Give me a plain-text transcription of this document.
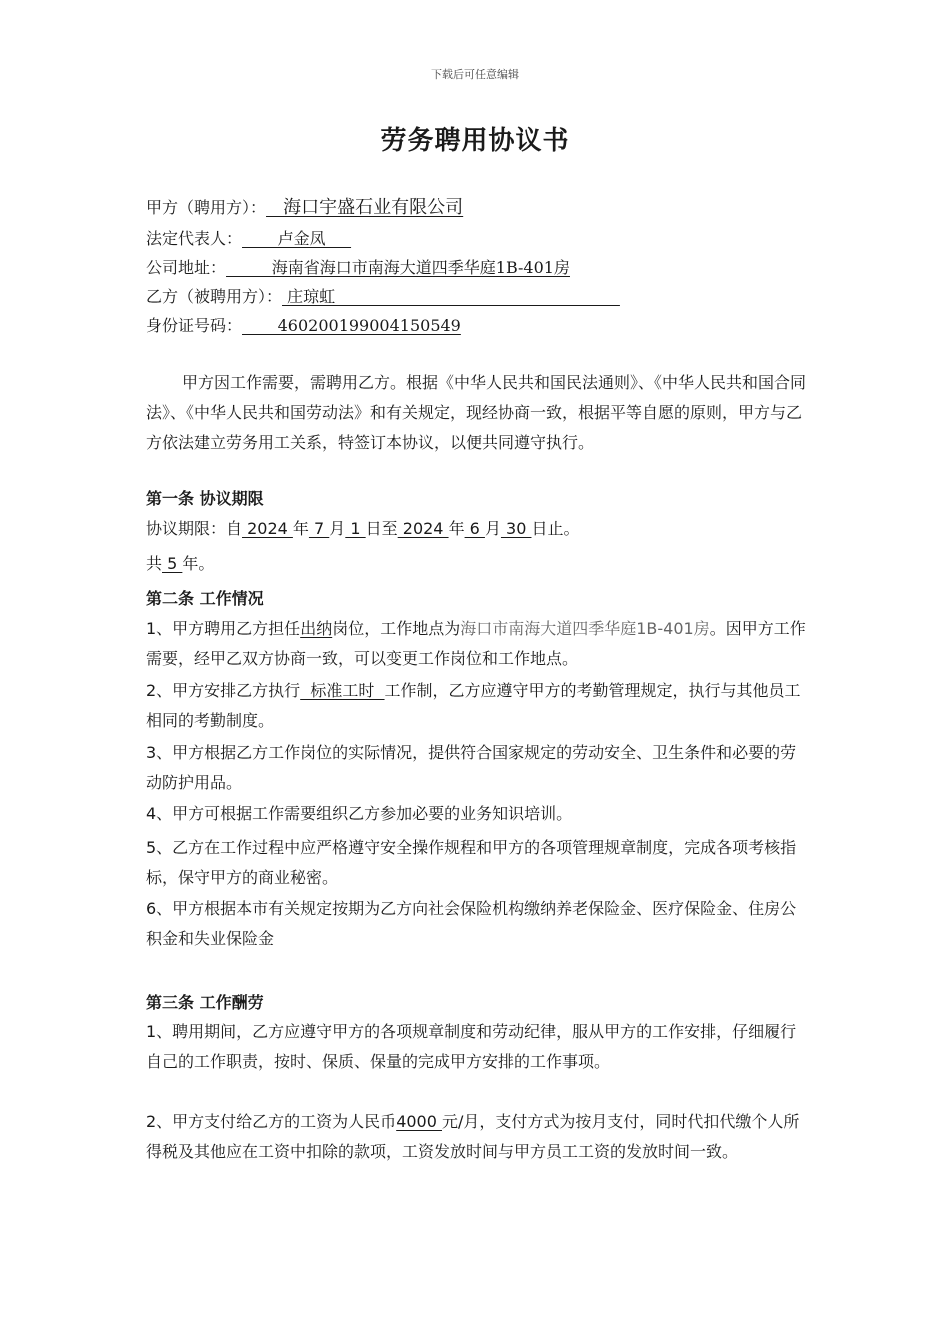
下载后可任意编辑
劳务聘用协议书
甲方（聘用方）：   海口宇盛石业有限公司
法定代表人：       卢金凤
公司地址：         海南省海口市南海大道四季华庭1B-401房
乙方（被聘用方）： 庄琼虹
身份证号码：       460200199004150549
甲方因工作需要，需聘用乙方。根据《中华人民共和国民法通则》、《中华人民共和国合同法》、《中华人民共和国劳动法》和有关规定，现经协商一致，根据平等自愿的原则，甲方与乙方依法建立劳务用工关系，特签订本协议，以便共同遵守执行。
第一条 协议期限
协议期限：自 2024 年 7 月 1 日至 2024 年 6 月 30 日止。
共 5 年。
第二条 工作情况
1、甲方聘用乙方担任出纳岗位，工作地点为海口市南海大道四季华庭1B-401房。因甲方工作需要，经甲乙双方协商一致，可以变更工作岗位和工作地点。
2、甲方安排乙方执行  标准工时  工作制，乙方应遵守甲方的考勤管理规定，执行与其他员工相同的考勤制度。
3、甲方根据乙方工作岗位的实际情况，提供符合国家规定的劳动安全、卫生条件和必要的劳动防护用品。
4、甲方可根据工作需要组织乙方参加必要的业务知识培训。
5、乙方在工作过程中应严格遵守安全操作规程和甲方的各项管理规章制度，完成各项考核指标，保守甲方的商业秘密。
6、甲方根据本市有关规定按期为乙方向社会保险机构缴纳养老保险金、医疗保险金、住房公积金和失业保险金
第三条 工作酬劳
1、聘用期间，乙方应遵守甲方的各项规章制度和劳动纪律，服从甲方的工作安排，仔细履行自己的工作职责，按时、保质、保量的完成甲方安排的工作事项。
2、甲方支付给乙方的工资为人民币4000 元/月，支付方式为按月支付，同时代扣代缴个人所得税及其他应在工资中扣除的款项，工资发放时间与甲方员工工资的发放时间一致。
